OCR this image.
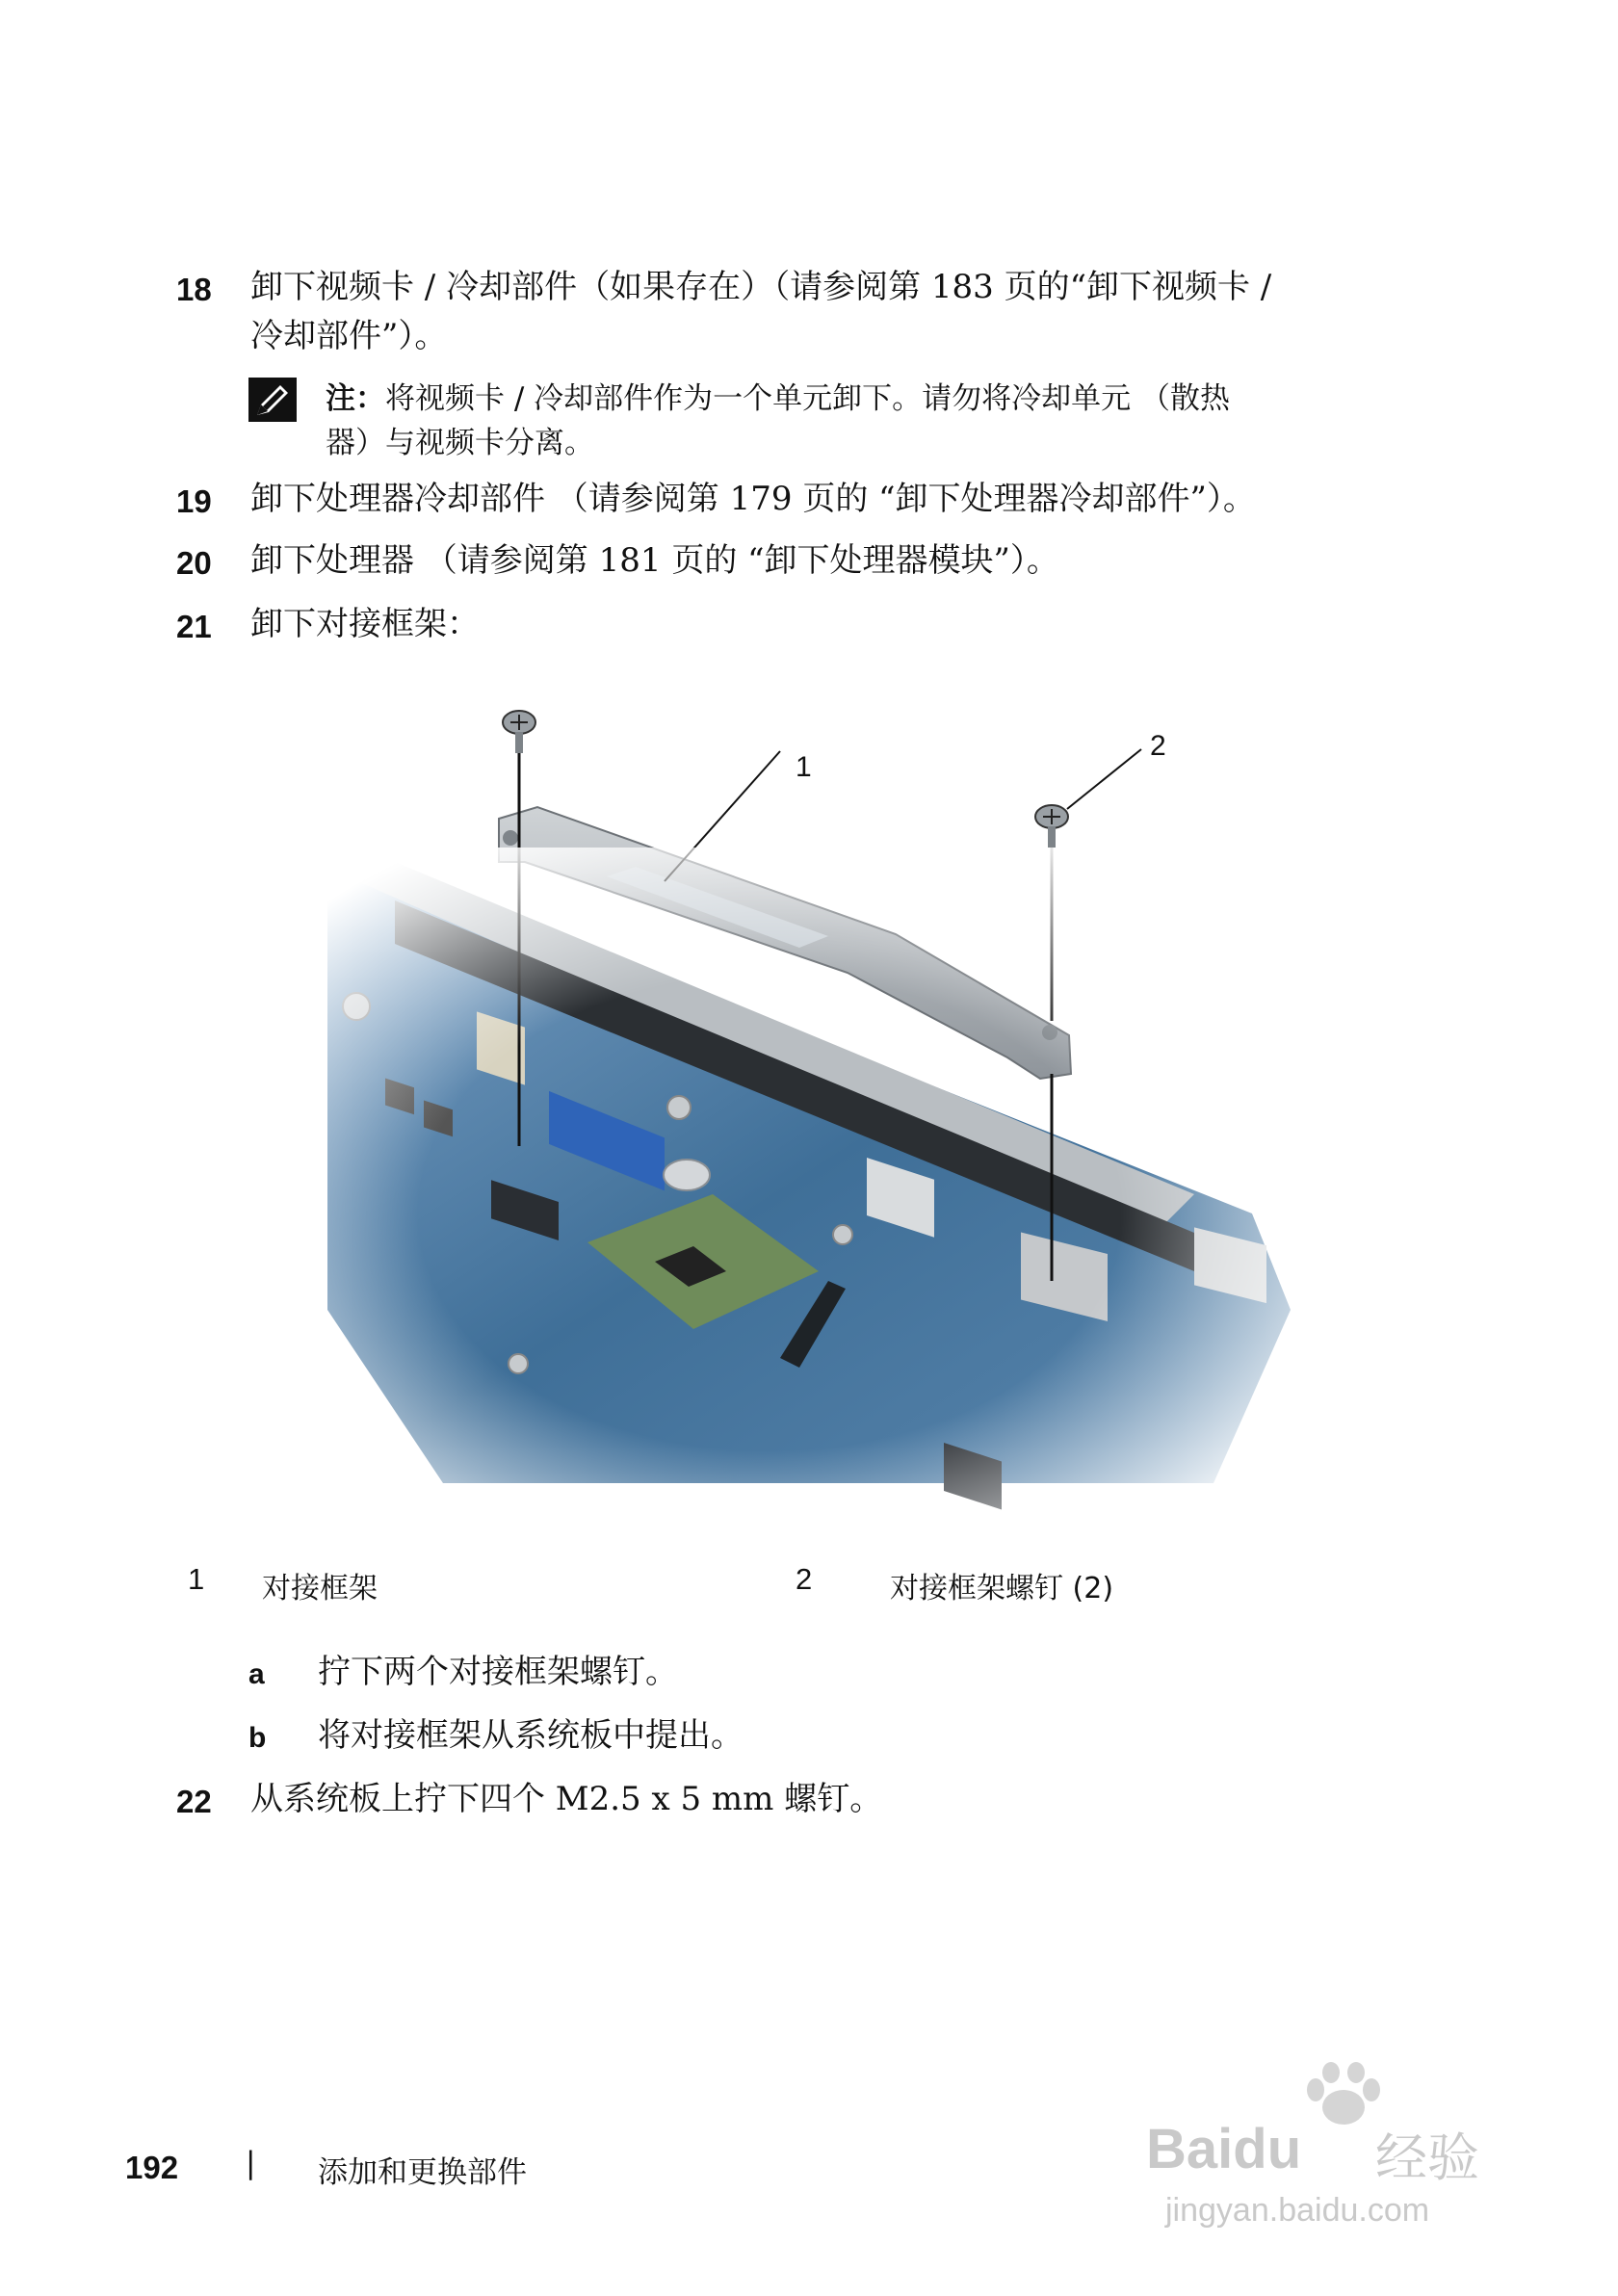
18 卸下视频卡 / 冷却部件（如果存在）（请参阅第 183 页的“卸下视频卡 /
冷却部件”）。
注：将视频卡 / 冷却部件作为一个单元卸下。请勿将冷却单元 （散热
器）与视频卡分离。
19 卸下处理器冷却部件 （请参阅第 179 页的 “卸下处理器冷却部件”）。
20 卸下处理器 （请参阅第 181 页的 “卸下处理器模块”）。
21 卸下对接框架：
1
2
1 对接框架	2	对接框架螺钉 (2)
a 拧下两个对接框架螺钉。
b 将对接框架从系统板中提出。
22 从系统板上拧下四个 M2.5 x 5 mm 螺钉。
192 | 添加和更换部件	Baidu 经验
jingyan.baidu.com
